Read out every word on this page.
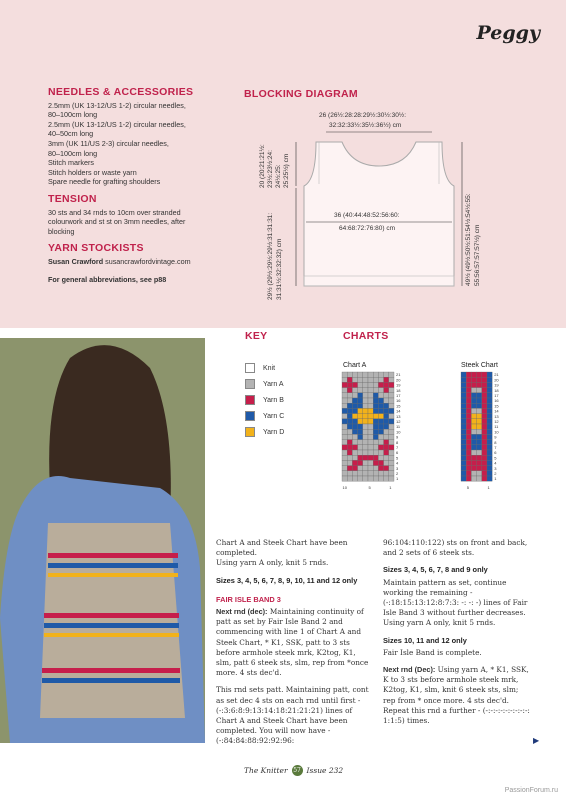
Peggy
NEEDLES & ACCESSORIES

2.5mm (UK 13-12/US 1-2) circular needles,

80–100cm long

2.5mm (UK 13-12/US 1-2) circular needles,

40–50cm long

3mm (UK 11/US 2-3) circular needles,

80–100cm long

Stitch markers

Stitch holders or waste yarn

Spare needle for grafting shoulders

TENSION

30 sts and 34 rnds to 10cm over stranded

colourwork and st st on 3mm needles, after

blocking

YARN STOCKISTS

Susan Crawford susancrawfordvintage.com

For general abbreviations, see p88

BLOCKING DIAGRAM
26 (26½:28:28:29½:30½:30½:
32:32:33½:35½:36½) cm
36 (40:44:48:52:56:60:
64:68:72:76:80) cm
20 (20:21:21½: 23½:23½:24: 24½:25: 25:25½) cm
29½ (29½:29½:29½:31:31:31: 31:31½:32:32:32) cm	49½ (49½:50½:51:54½:54½:55: 55:56:57:57:57½) cm
KEY
Knit
Yarn A
Yarn B
Yarn C
Yarn D
CHARTS
Chart A	Steek Chart
21
20
19
18
17
16
15
14
13
12
11
10
9
8
7
6
5
4
3
2
1
10	5	1
21
20
19
18
17
16
15
14
13
12
11
10
9
8
7
6
5
4
3
2
1
5	1

Chart A and Steek Chart have been completed.
Using yarn A only, knit 5 rnds.

Sizes 3, 4, 5, 6, 7, 8, 9, 10, 11 and 12 only
FAIR ISLE BAND 3

Next rnd (dec): Maintaining continuity of patt as set by Fair Isle Band 2 and commencing with line 1 of Chart A and Steek Chart, * K1, SSK, patt to 3 sts before armhole steek mrk, K2tog, K1, slm, patt 6 steek sts, slm, rep from *once more. 4 sts dec'd.

This rnd sets patt. Maintaining patt, cont as set dec 4 sts on each rnd until first - (-:3:6:8:9:13:14:18:21:21:21) lines of Chart A and Steek Chart have been completed. You will now have - (-:84:84:88:92:92:96:

96:104:110:122) sts on front and back, and 2 sets of 6 steek sts.

Sizes 3, 4, 5, 6, 7, 8 and 9 only

Maintain pattern as set, continue working the remaining - (-:18:15:13:12:8:7:3: -: -: -) lines of Fair Isle Band 3 without further decreases.
Using yarn A only, knit 5 rnds.

Sizes 10, 11 and 12 only

Fair Isle Band is complete.

Next rnd (Dec): Using yarn A, * K1, SSK, K to 3 sts before armhole steek mrk, K2tog, K1, slm, knit 6 steek sts, slm; rep from * once more. 4 sts dec'd.
Repeat this rnd a further - (-:-:-:-:-:-:-:-:-: 1:1:5) times.

▶
The Knitter 57 Issue 232
PassionForum.ru
